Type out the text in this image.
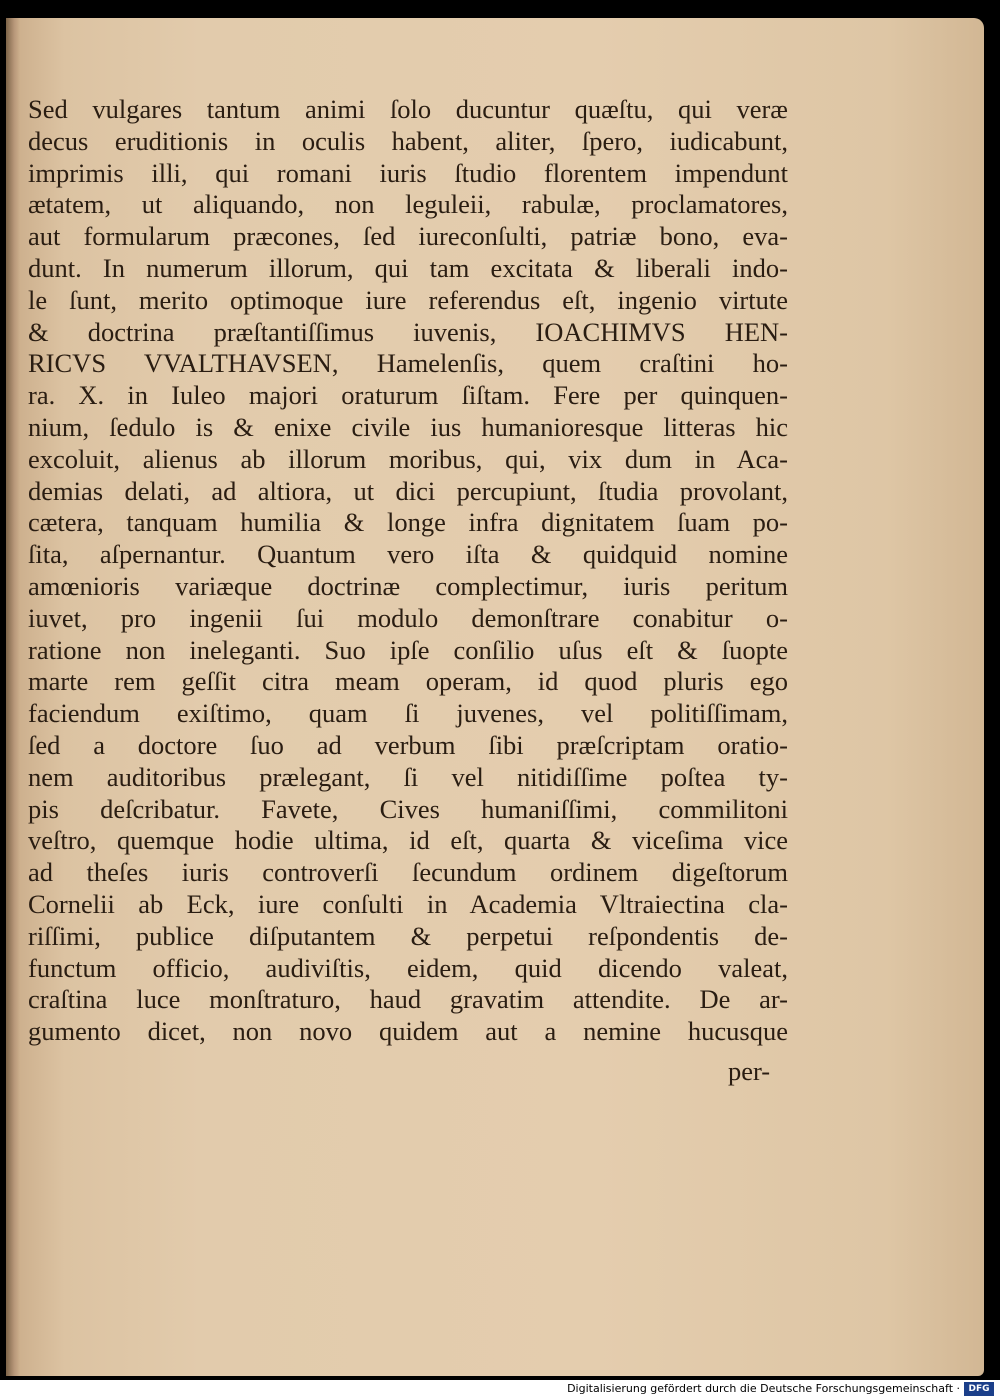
Sed vulgares tantum animi ſolo ducuntur quæſtu, qui veræ
decus eruditionis in oculis habent, aliter, ſpero, iudicabunt,
imprimis illi, qui romani iuris ſtudio florentem impendunt
ætatem, ut aliquando, non leguleii, rabulæ, proclamatores,
aut formularum præcones, ſed iureconſulti, patriæ bono, eva-
dunt. In numerum illorum, qui tam excitata & liberali indo-
le ſunt, merito optimoque iure referendus eſt, ingenio virtute
& doctrina præſtantiſſimus iuvenis, IOACHIMVS HEN-
RICVS VVALTHAVSEN, Hamelenſis, quem craſtini ho-
ra. X. in Iuleo majori oraturum ſiſtam. Fere per quinquen-
nium, ſedulo is & enixe civile ius humanioresque litteras hic
excoluit, alienus ab illorum moribus, qui, vix dum in Aca-
demias delati, ad altiora, ut dici percupiunt, ſtudia provolant,
cætera, tanquam humilia & longe infra dignitatem ſuam po-
ſita, aſpernantur. Quantum vero iſta & quidquid nomine
amœnioris variæque doctrinæ complectimur, iuris peritum
iuvet, pro ingenii ſui modulo demonſtrare conabitur o-
ratione non ineleganti. Suo ipſe conſilio uſus eſt & ſuopte
marte rem geſſit citra meam operam, id quod pluris ego
faciendum exiſtimo, quam ſi juvenes, vel politiſſimam,
ſed a doctore ſuo ad verbum ſibi præſcriptam oratio-
nem auditoribus prælegant, ſi vel nitidiſſime poſtea ty-
pis deſcribatur. Favete, Cives humaniſſimi, commilitoni
veſtro, quemque hodie ultima, id eſt, quarta & viceſima vice
ad theſes iuris controverſi ſecundum ordinem digeſtorum
Cornelii ab Eck, iure conſulti in Academia Vltraiectina cla-
riſſimi, publice diſputantem & perpetui reſpondentis de-
functum officio, audiviſtis, eidem, quid dicendo valeat,
craſtina luce monſtraturo, haud gravatim attendite. De ar-
gumento dicet, non novo quidem aut a nemine hucusque
per-
Digitalisierung gefördert durch die Deutsche Forschungsgemeinschaft · DFG
